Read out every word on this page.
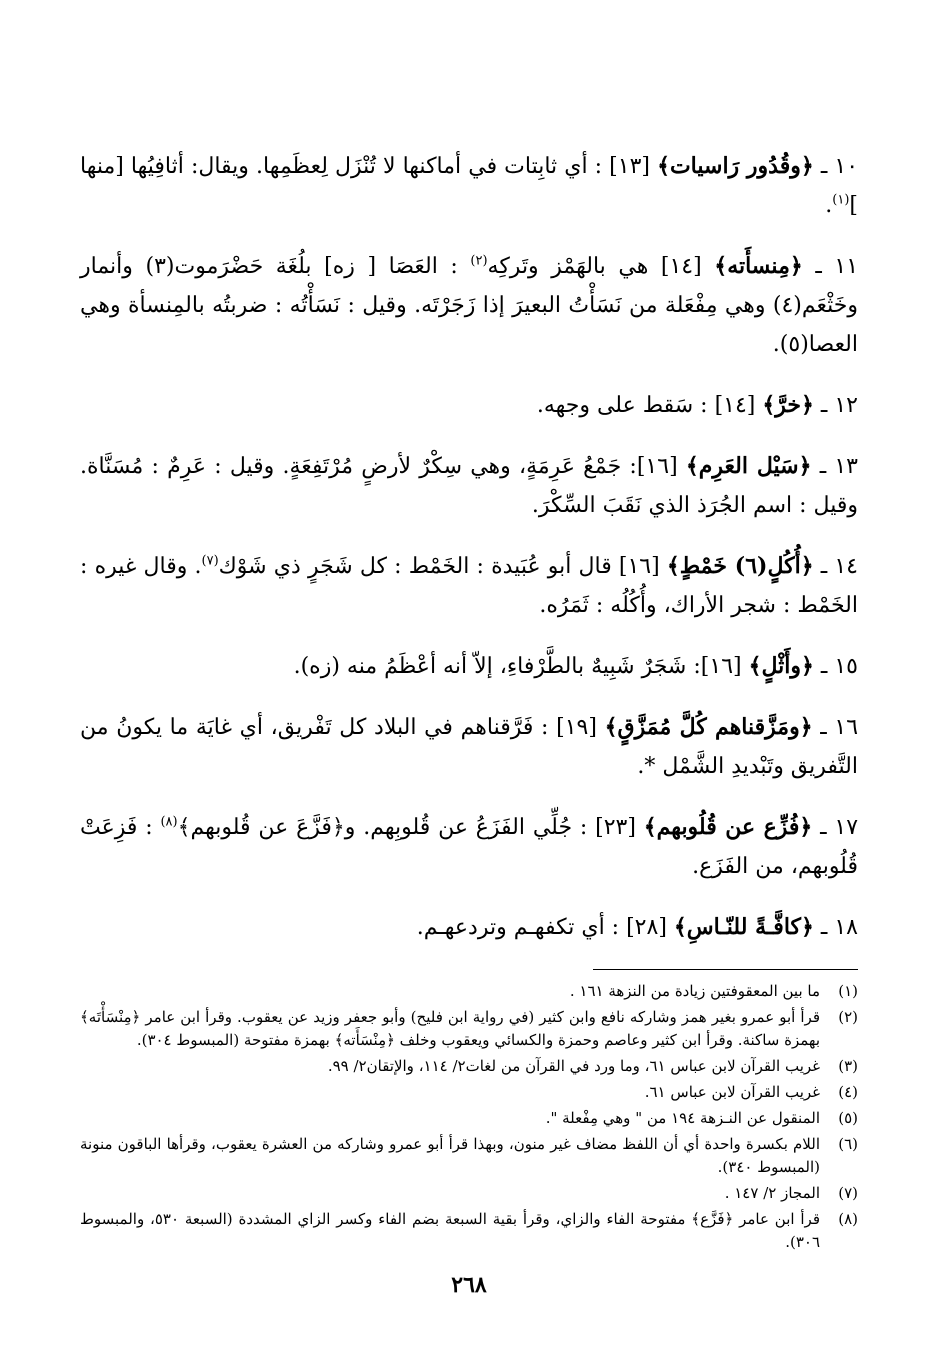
١٠ ـ ﴿وقُدُور رَاسيات﴾ [١٣] : أي ثابِتات في أماكنها لا تُنْزَل لِعظَمِها. ويقال: أثافِيُها [منها ]$^{(١)}$.

١١ ـ ﴿مِنسأَته﴾ [١٤] هي بالهَمْز وتَركِه$^{(٢)}$ : العَصَا [ زه] بلُغَة حَضْرَموت(٣) وأنمار وخَثْعَم(٤) وهي مِفْعَلة من نَسَأْتُ البعيرَ إذا زَجَرْتَه. وقيل : نَسَأْتُه : ضربتُه بالمِنسأة وهي العصا(٥).

١٢ ـ ﴿خرَّ﴾ [١٤] : سَقط على وجهه.

١٣ ـ ﴿سَيْل العَرِم﴾ [١٦]: جَمْعُ عَرِمَةٍ، وهي سِكْرٌ لأرضٍ مُرْتَفِعَةٍ. وقيل : عَرِمٌ : مُسَنَّاة. وقيل : اسم الجُرَذ الذي نَقَبَ السِّكْرَ.

١٤ ـ ﴿أُكُلٍ(٦) خَمْطٍ﴾ [١٦] قال أبو عُبَيدة : الخَمْط : كل شَجَرٍ ذي شَوْك$^{(٧)}$. وقال غيره : الخَمْط : شجر الأراك، وأُكُلُه : ثَمَرُه.

١٥ ـ ﴿وأَثْلٍ﴾ [١٦]: شَجَرٌ شَبِيهٌ بالطَّرْفاءِ، إلاّ أنه أعْظَمُ منه (زه).

١٦ ـ ﴿ومَزَّقناهم كُلَّ مُمَزَّقٍ﴾ [١٩] : فَرَّقناهم في البلاد كل تَفْريق، أي غايَة ما يكونُ من التَّفريق وتَبْديدِ الشَّمْل *.

١٧ ـ ﴿فُزِّع عن قُلُوبهم﴾ [٢٣] : جُلِّي الفَزَعُ عن قُلوبِهم. و﴿فَزَّعَ عن قُلوبهم﴾$^{(٨)}$ : فَزِعَتْ قُلُوبهم، من الفَزَع.

١٨ ـ ﴿كافَّـةً للنّـاسِ﴾ [٢٨] : أي تكفهـم وتردعهـم.

(١)
ما بين المعقوفتين زيادة من النزهة ١٦١ .
(٢)
قرأ أبو عمرو بغير همز وشاركه نافع وابن كثير (في رواية ابن فليح) وأبو جعفر وزيد عن يعقوب. وقرأ ابن عامر ﴿مِنْسَأْتَه﴾ بهمزة ساكنة. وقرأ ابن كثير وعاصم وحمزة والكسائي ويعقوب وخلف ﴿مِنْسَأَته﴾ بهمزة مفتوحة (المبسوط ٣٠٤).
(٣)
غريب القرآن لابن عباس ٦١، وما ورد في القرآن من لغات٢/ ١١٤، والإتقان٢/ ٩٩.
(٤)
غريب القرآن لابن عباس ٦١.
(٥)
المنقول عن النـزهة ١٩٤ من " وهي مِفْعلة ".
(٦)
اللام بكسرة واحدة أي أن اللفظ مضاف غير منون، وبهذا قرأ أبو عمرو وشاركه من العشرة يعقوب، وقرأها الباقون منونة (المبسوط ٣٤٠).
(٧)
المجاز ٢/ ١٤٧ .
(٨)
قرأ ابن عامر ﴿فَزَّع﴾ مفتوحة الفاء والزاي، وقرأ بقية السبعة بضم الفاء وكسر الزاي المشددة (السبعة ٥٣٠، والمبسوط ٣٠٦).
٢٦٨
